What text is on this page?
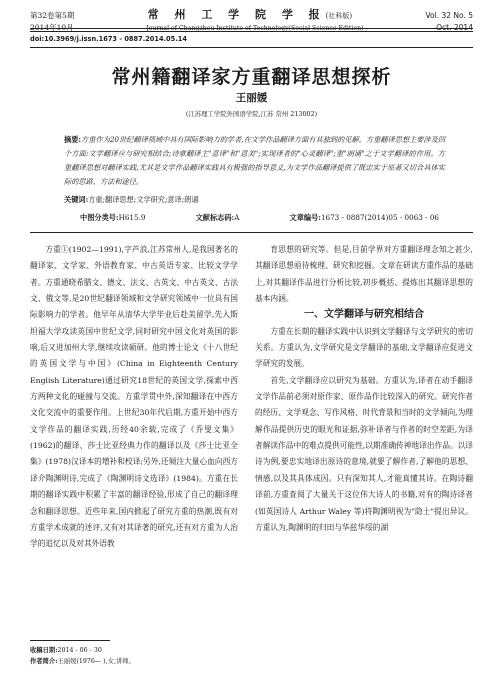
第32卷第5期	常 州 工 学 院 学 报(社科版)	Vol. 32 No. 5
2014年10月	Journal of Changzhou Institute of Technology(Social Science Edition)	Oct. 2014
doi:10.3969/j.issn.1673 - 0887.2014.05.14
常州籍翻译家方重翻译思想探析
王丽媛
(江苏理工学院外国语学院,江苏 常州 213002)
摘要:方重作为20世纪翻译领域中具有国际影响力的学者,在文学作品翻译方面有其独到的见解。方重翻译思想主要涉及四个方面:文学翻译应与研究相结合;诗歌翻译主"意译"和"意美";实现译者的"心灵翻译";重"朗诵"之于文学翻译的作用。方重翻译思想对翻译实践,尤其是文学作品翻译实践具有极强的指导意义,为文学作品翻译提供了既忠实于原著又切合具体实际的思路、方法和途径。
关键词:方重;翻译思想;文学研究;意译;朗诵
中图分类号:H615.9	文献标志码:A	文章编号:1673 - 0887(2014)05 - 0063 - 06

方重①(1902—1991),字芦浪,江苏常州人,是我国著名的翻译家、文学家、外语教育家、中古英语专家、比较文学学者。方重通晓希腊文、德文、法文、古英文、中古英文、古法文、俄文等,是20世纪翻译领域和文学研究领域中一位具有国际影响力的学者。他早年从清华大学毕业后赴美留学,先入斯坦福大学攻读英国中世纪文学,同时研究中国文化对英国的影响,后又进加州大学,继续攻读硕研。他的博士论文《十八世纪的英国文学与中国》(China in Eighteenth Century English Literature)通过研究18世纪的英国文学,探索中西方两种文化的碰撞与交流。方重学贯中外,深知翻译在中西方文化交流中的重要作用。上世纪30年代后期,方重开始中西方文学作品的翻译实践,历经40余载,完成了《乔叟文集》(1962)的翻译、莎士比亚经典力作的翻译以及《莎士比亚全集》(1978)汉译本的增补和校译;另外,还倾注大量心血向西方译介陶渊明诗,完成了《陶渊明诗文选译》(1984)。方重在长期的翻译实践中积累了丰富的翻译经验,形成了自己的翻译理念和翻译思想。近些年来,国内掀起了研究方重的热潮,既有对方重学术成就的述评,又有对其译著的研究,还有对方重为人治学的追忆以及对其外语教

育思想的研究等。但是,目前学界对方重翻译理念知之甚少,其翻译思想亟待梳理、研究和挖掘。文章在研读方重作品的基础上,对其翻译作品进行分析比较,初步概括、提炼出其翻译思想的基本内涵。

一、文学翻译与研究相结合

方重在长期的翻译实践中认识到文学翻译与文学研究的密切关系。方重认为,文学研究是文学翻译的基础,文学翻译应促进文学研究的发展。

首先,文学翻译应以研究为基础。方重认为,译者在动手翻译文学作品前必须对原作家、原作品作比较深入的研究。研究作者的经历、文学观念、写作风格、时代背景和当时的文学倾向,为理解作品提供历史的眼光和证据,弥补译者与作者的时空差距,为译者解读作品中的难点提供可能性,以期准确传神地译出作品。以译诗为例,要忠实地译出原诗的意境,就要了解作者,了解他的思想、情感,以及其具体成因。只有深知其人,才能真懂其诗。在陶诗翻译前,方重查阅了大量关于这位伟大诗人的书籍,对有的陶诗译者(如英国诗人 Arthur Waley 等)将陶渊明视为"隐士"提出异议。方重认为,陶渊明的归田与华兹华绥的湖

收稿日期:2014 - 06 - 30
作者简介:王丽媛(1976— ),女,讲师。
